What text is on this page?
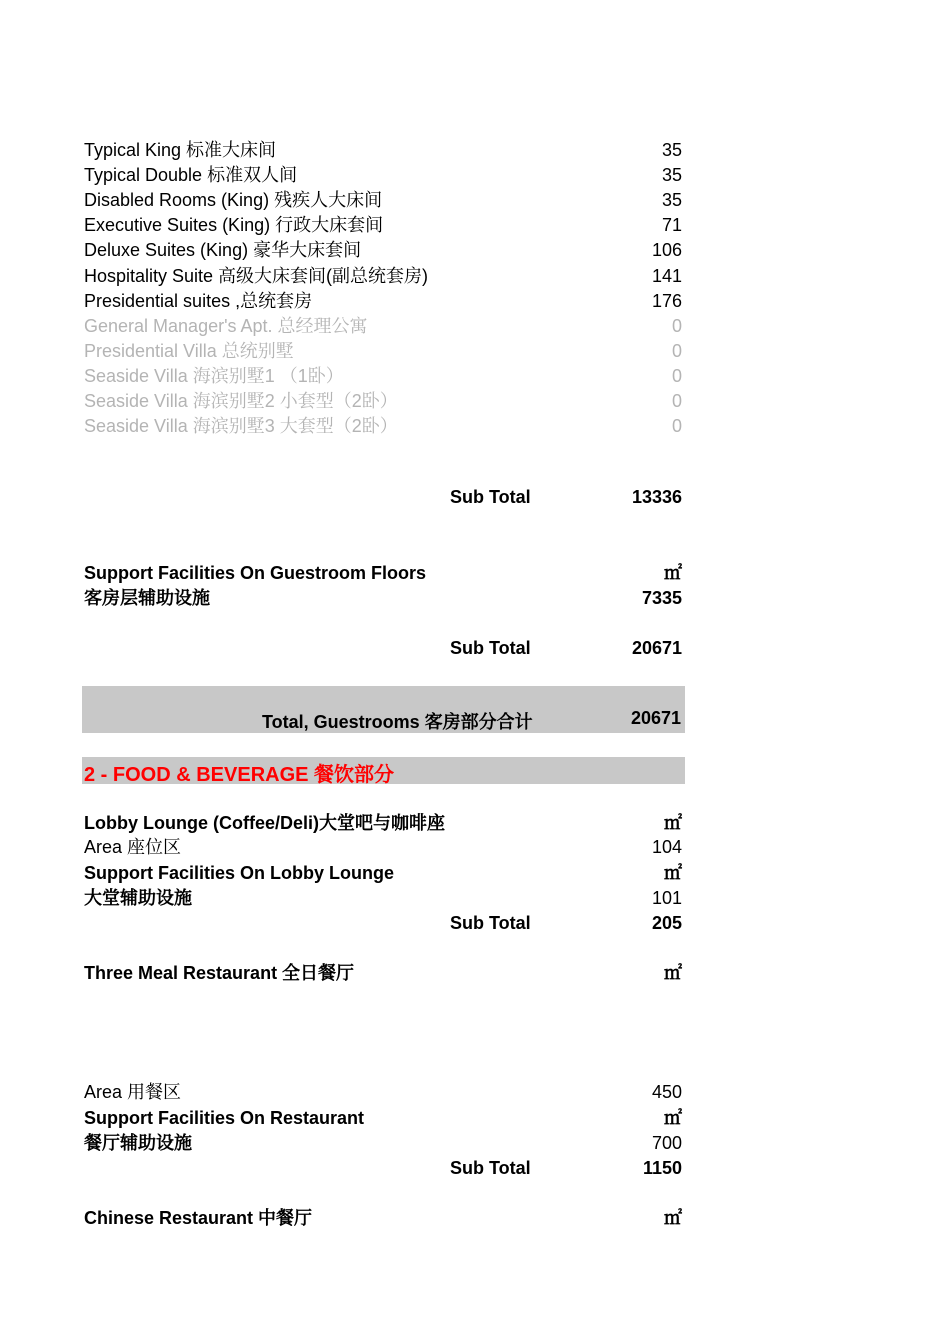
Typical King 标准大床间	35
Typical Double 标准双人间	35
Disabled Rooms (King) 残疾人大床间	35
Executive Suites (King) 行政大床套间	71
Deluxe Suites (King) 豪华大床套间	106
Hospitality Suite 高级大床套间(副总统套房)	141
Presidential suites ,总统套房	176
General Manager's Apt. 总经理公寓	0
Presidential Villa 总统别墅	0
Seaside Villa 海滨别墅1 （1卧）	0
Seaside Villa 海滨别墅2 小套型（2卧）	0
Seaside Villa 海滨别墅3 大套型（2卧）	0
Sub Total	13336
Support Facilities On Guestroom Floors	㎡
客房层辅助设施	7335
Sub Total	20671
Total, Guestrooms 客房部分合计	20671
2 - FOOD & BEVERAGE 餐饮部分
Lobby Lounge (Coffee/Deli)大堂吧与咖啡座	㎡
Area 座位区	104
Support Facilities On Lobby Lounge	㎡
大堂辅助设施	101
Sub Total	205
Three Meal Restaurant 全日餐厅	㎡
Area 用餐区	450
Support Facilities On Restaurant	㎡
餐厅辅助设施	700
Sub Total	1150
Chinese Restaurant 中餐厅	㎡
